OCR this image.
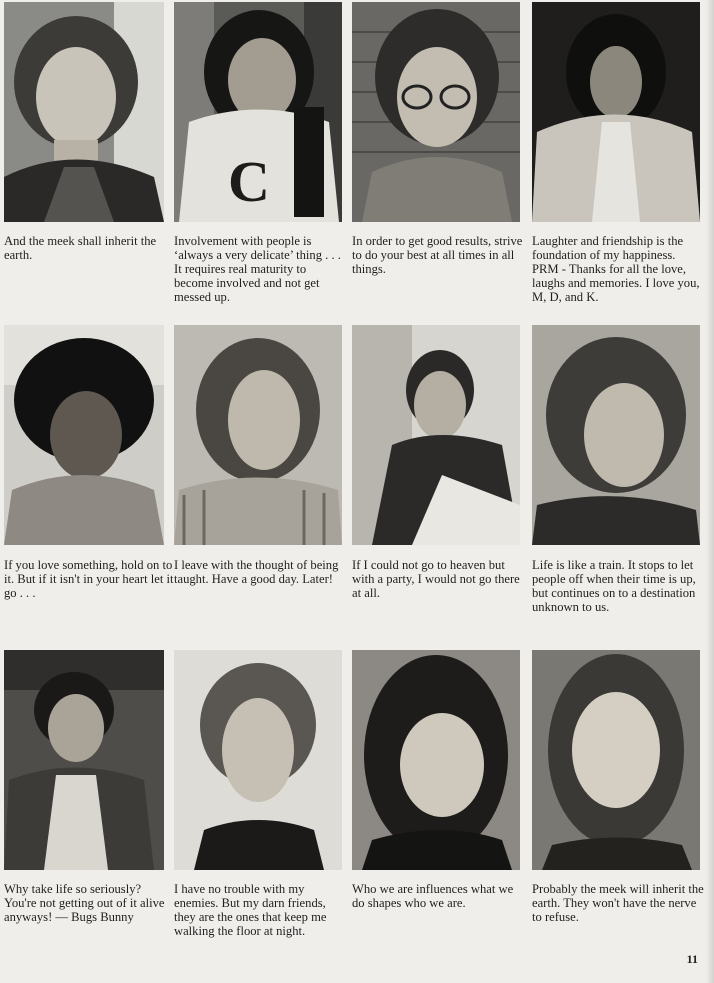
C
And the meek shall inherit the earth.
Involvement with people is ‘always a very delicate’ thing . . . It requires real maturity to become involved and not get messed up.
In order to get good results, strive to do your best at all times in all things.
Laughter and friendship is the foundation of my happiness. PRM - Thanks for all the love, laughs and memories. I love you, M, D, and K.
If you love something, hold on to it. But if it isn't in your heart let it go . . .
I leave with the thought of being taught. Have a good day. Later!
If I could not go to heaven but with a party, I would not go there at all.
Life is like a train. It stops to let people off when their time is up, but continues on to a destination unknown to us.
Why take life so seriously? You're not getting out of it alive anyways! — Bugs Bunny
I have no trouble with my enemies. But my darn friends, they are the ones that keep me walking the floor at night.
Who we are influences what we do shapes who we are.
Probably the meek will inherit the earth. They won't have the nerve to refuse.
11
